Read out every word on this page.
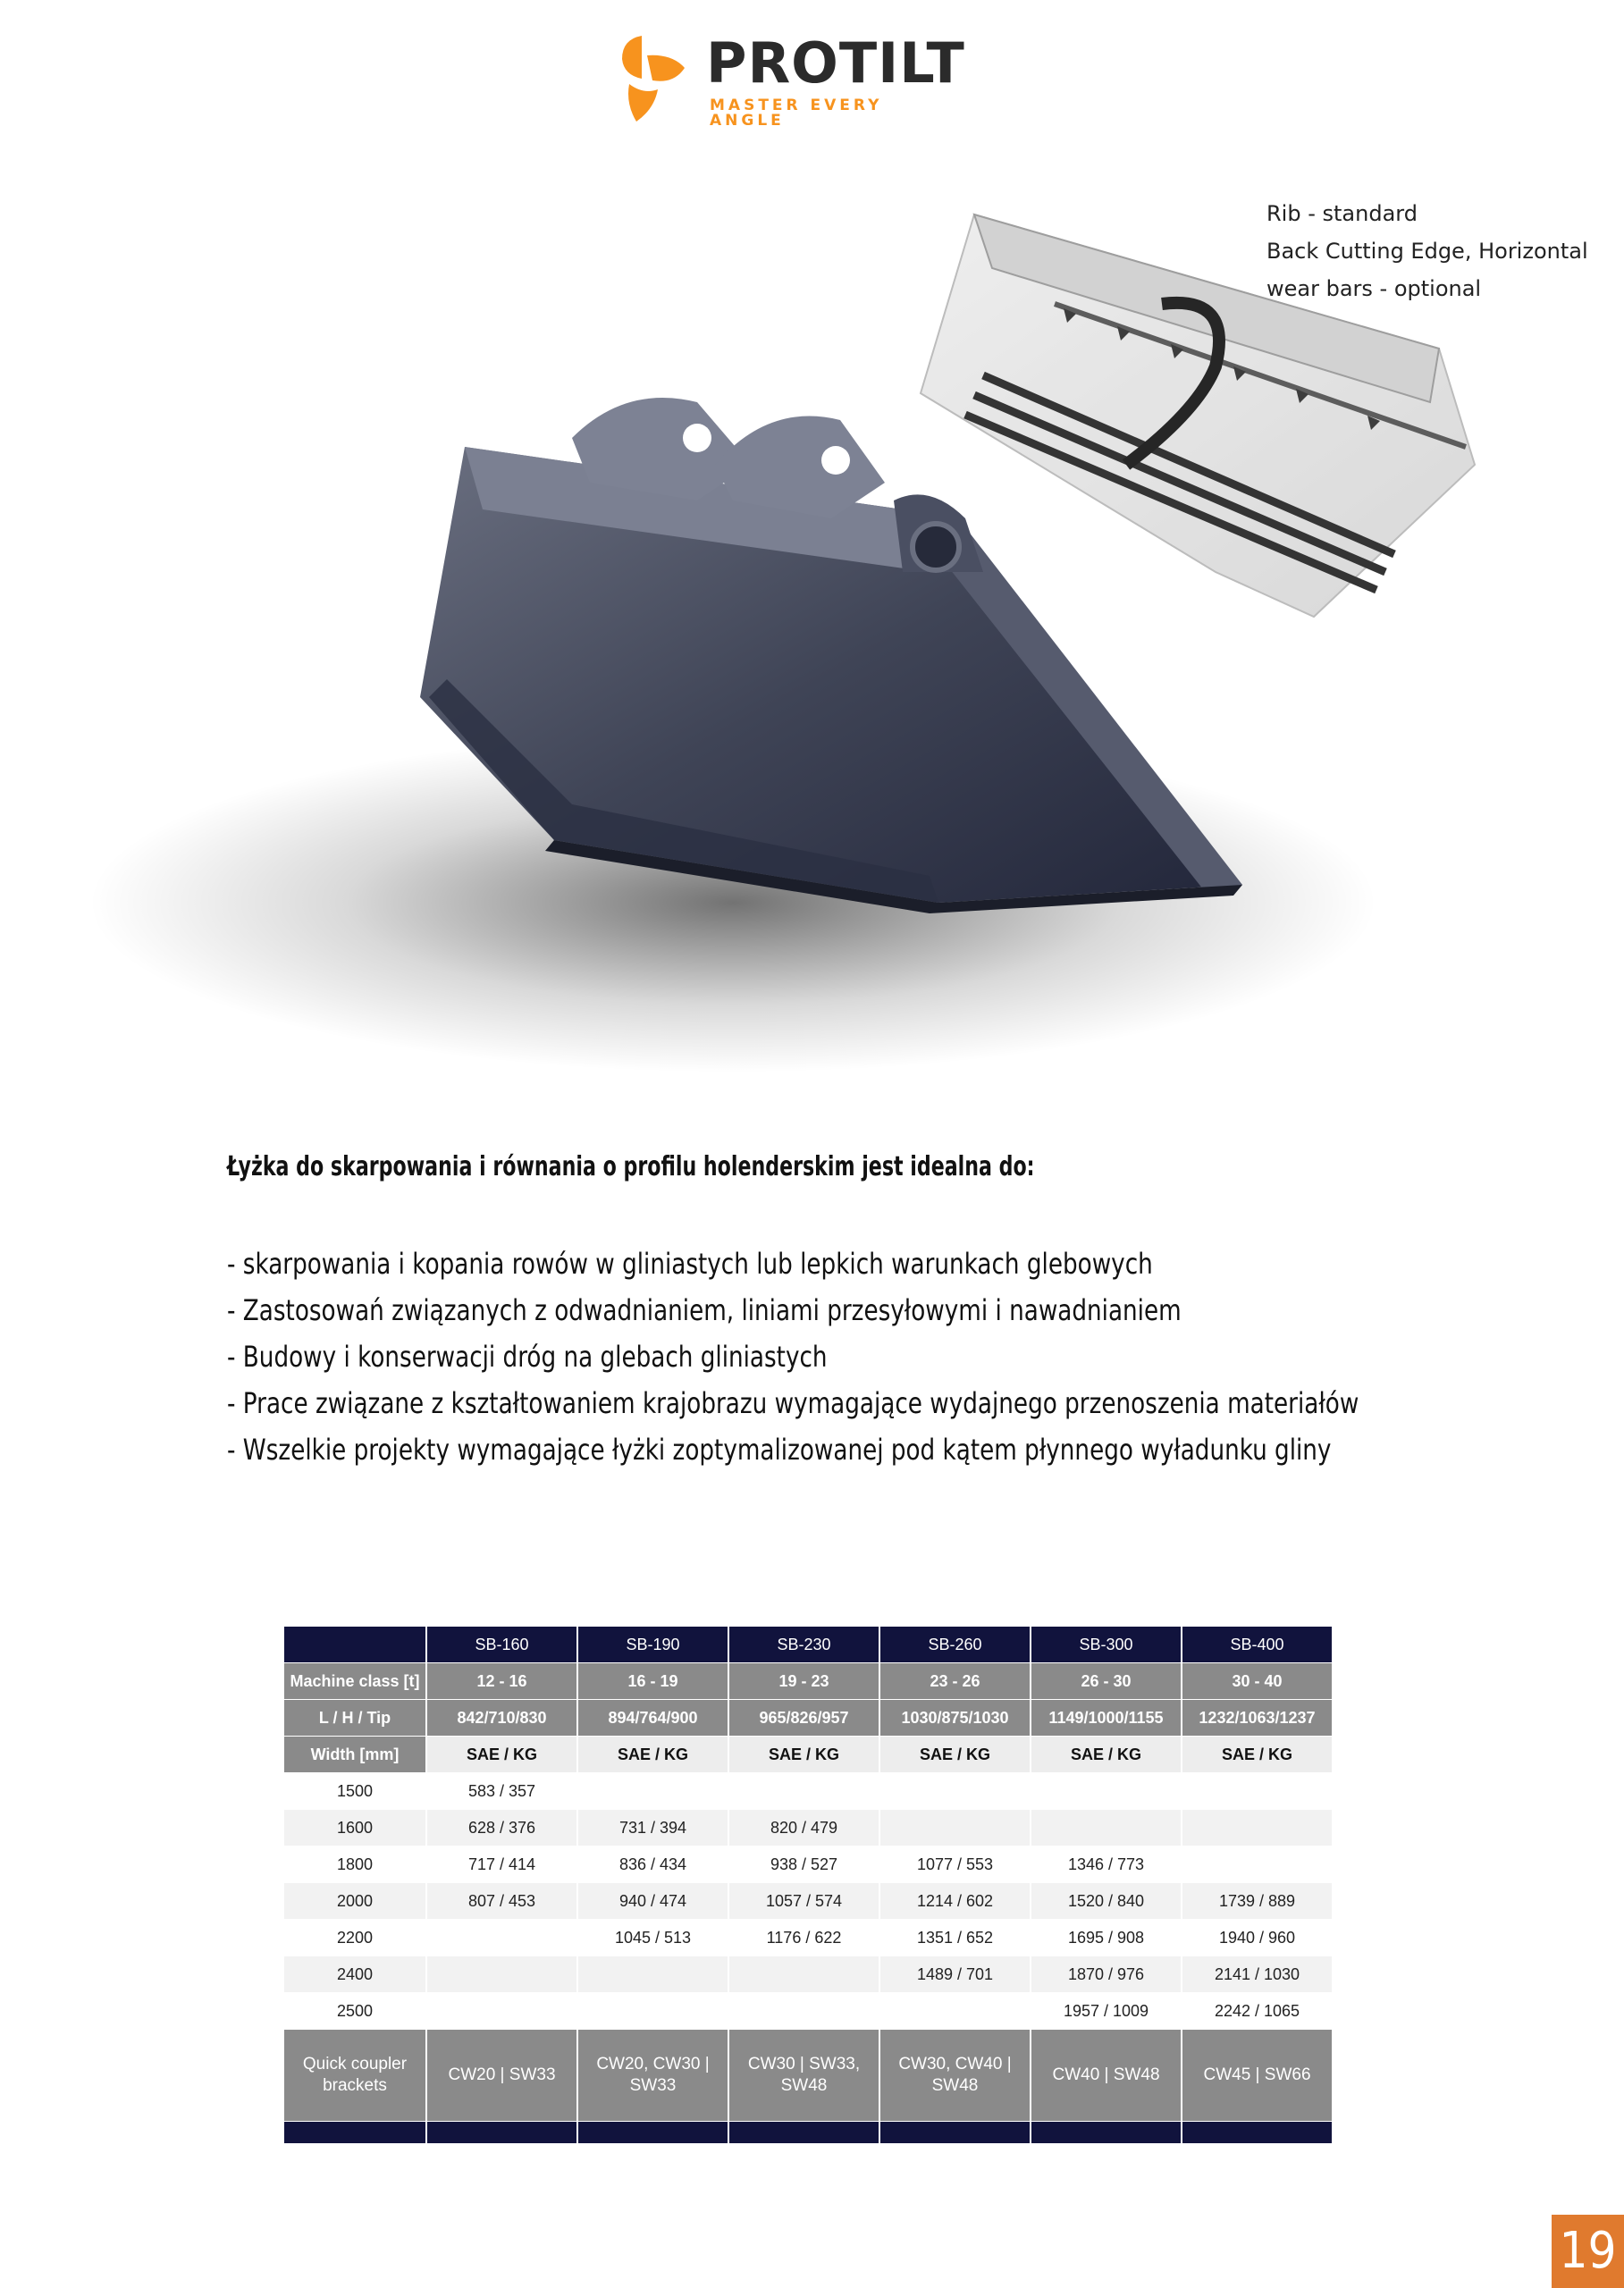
PROTILT
MASTER EVERY ANGLE
Rib - standard
Back Cutting Edge, Horizontal
wear bars - optional
Łyżka do skarpowania i równania o profilu holenderskim jest idealna do:
- skarpowania i kopania rowów w gliniastych lub lepkich warunkach glebowych
- Zastosowań związanych z odwadnianiem, liniami przesyłowymi i nawadnianiem
- Budowy i konserwacji dróg na glebach gliniastych
- Prace związane z kształtowaniem krajobrazu wymagające wydajnego przenoszenia materiałów
- Wszelkie projekty wymagające łyżki zoptymalizowanej pod kątem płynnego wyładunku gliny
	SB-160	SB-190	SB-230	SB-260	SB-300	SB-400
Machine class [t]	12 - 16	16 - 19	19 - 23	23 - 26	26 - 30	30 - 40
L / H / Tip	842/710/830	894/764/900	965/826/957	1030/875/1030	1149/1000/1155	1232/1063/1237
Width [mm]	SAE / KG	SAE / KG	SAE / KG	SAE / KG	SAE / KG	SAE / KG
1500	583 / 357					
1600	628 / 376	731 / 394	820 / 479			
1800	717 / 414	836 / 434	938 / 527	1077 / 553	1346 / 773	
2000	807 / 453	940 / 474	1057 / 574	1214 / 602	1520 / 840	1739 / 889
2200		1045 / 513	1176 / 622	1351 / 652	1695 / 908	1940 / 960
2400				1489 / 701	1870 / 976	2141 / 1030
2500					1957 / 1009	2242 / 1065
Quick coupler brackets	CW20 | SW33	CW20, CW30 | SW33	CW30 | SW33, SW48	CW30, CW40 | SW48	CW40 | SW48	CW45 | SW66

19
